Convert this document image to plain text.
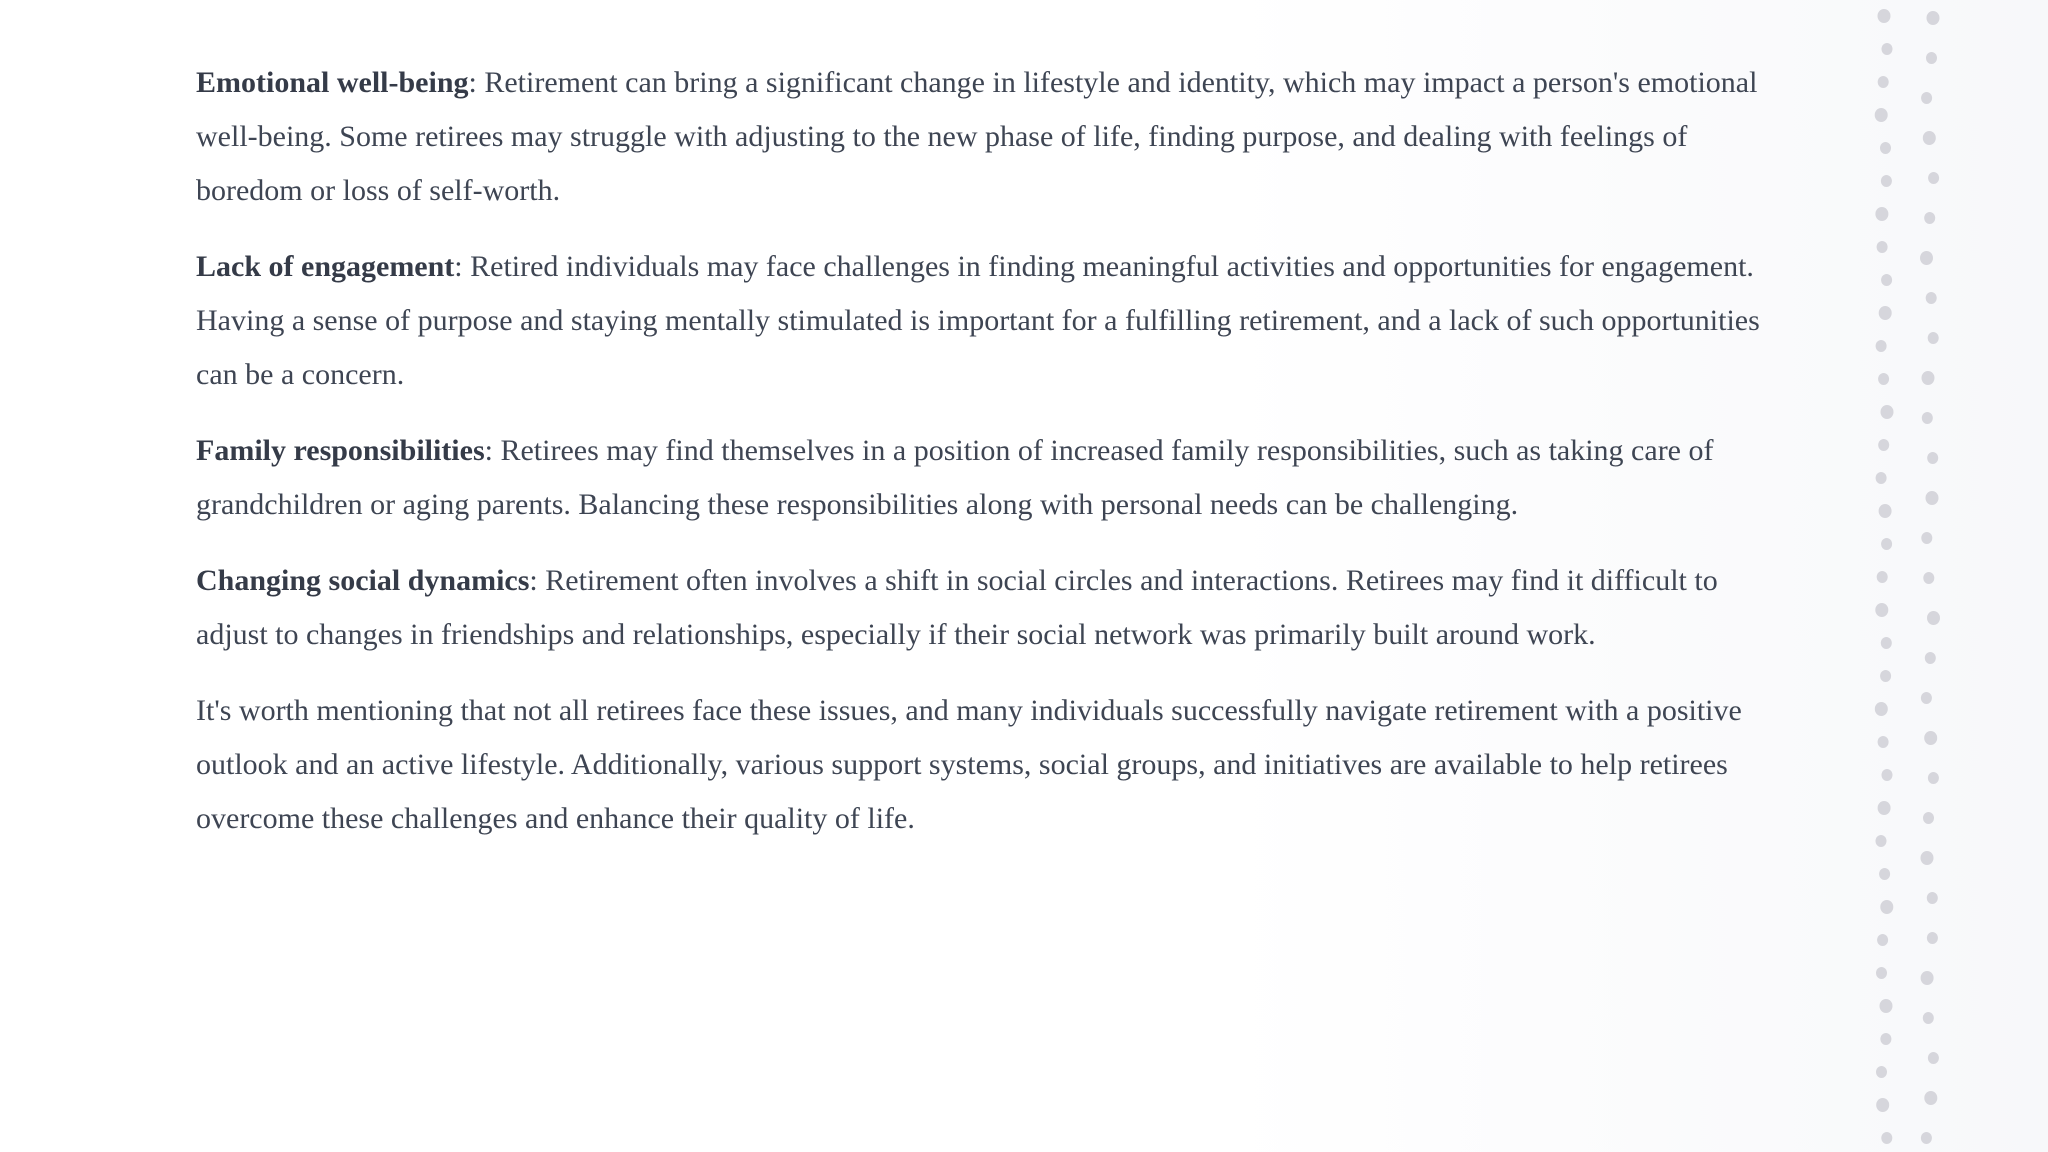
Emotional well-being: Retirement can bring a significant change in lifestyle and identity, which may impact a person's emotional well-being. Some retirees may struggle with adjusting to the new phase of life, finding purpose, and dealing with feelings of boredom or loss of self-worth.

Lack of engagement: Retired individuals may face challenges in finding meaningful activities and opportunities for engagement. Having a sense of purpose and staying mentally stimulated is important for a fulfilling retirement, and a lack of such opportunities can be a concern.

Family responsibilities: Retirees may find themselves in a position of increased family responsibilities, such as taking care of grandchildren or aging parents. Balancing these responsibilities along with personal needs can be challenging.

Changing social dynamics: Retirement often involves a shift in social circles and interactions. Retirees may find it difficult to adjust to changes in friendships and relationships, especially if their social network was primarily built around work.

It's worth mentioning that not all retirees face these issues, and many individuals successfully navigate retirement with a positive outlook and an active lifestyle. Additionally, various support systems, social groups, and initiatives are available to help retirees overcome these challenges and enhance their quality of life.
